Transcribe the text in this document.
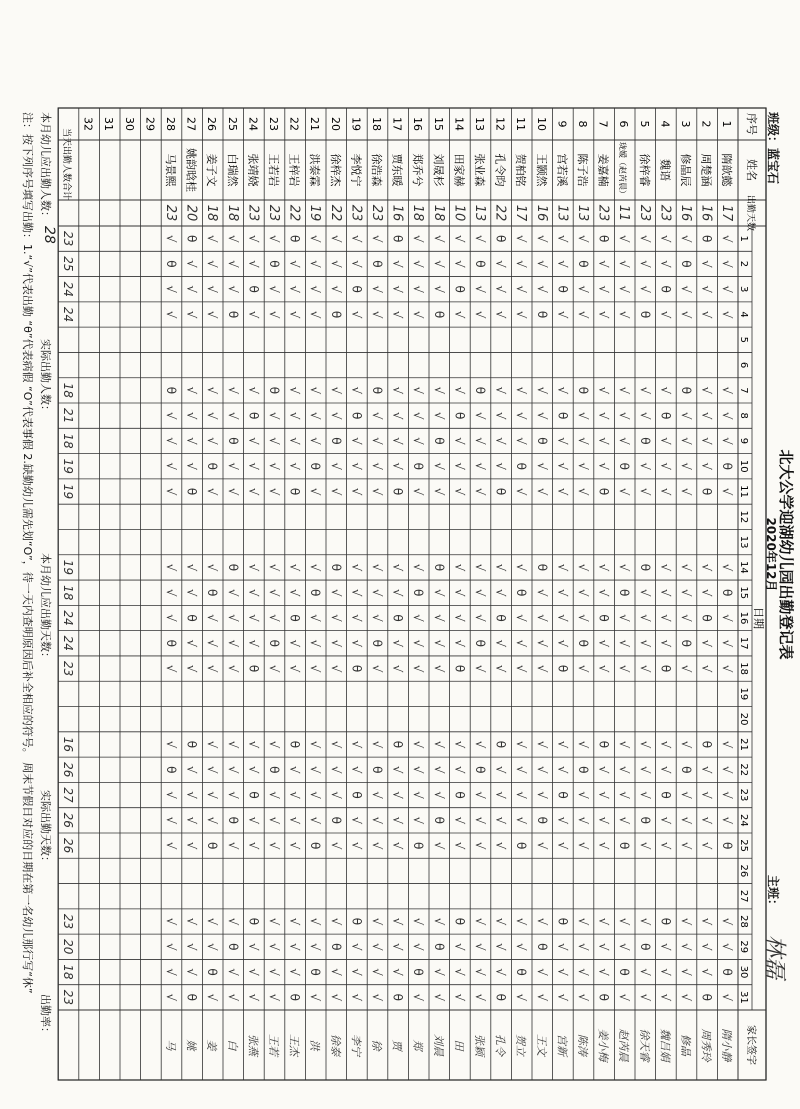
北大公学迎湖幼儿园出勤登记表
2020年12月
班级：蓝宝石
主班：
林磊
序号
姓名
出勤天数
日期
家长签字
1
2
3
4
5
6
7
8
9
10
11
12
13
14
15
16
17
18
19
20
21
22
23
24
25
26
27
28
29
30
31
1
隋歆懿
17
√
√
√
√
√
√
√
θ
√
√
θ
√
√
√
√
√
√
√
θ
√
√
θ
√
隋小静
2
周楚涵
16
θ
√
√
√
√
√
√
√
θ
√
√
θ
√
√
θ
√
√
√
√
√
√
√
θ
周秀玲
3
修晶辰
16
√
θ
√
√
θ
√
√
√
√
√
√
√
θ
√
√
θ
√
√
√
√
√
√
√
修晶
4
魏语
23
√
√
θ
√
√
θ
√
√
√
√
√
√
√
θ
√
√
θ
√
√
θ
√
√
√
魏吕娟
5
徐梓睿
23
√
√
√
θ
√
√
θ
√
√
θ
√
√
√
√
√
√
√
θ
√
√
θ
√
√
徐天睿
6
珑嫒（赵芮晨）
11
√
√
√
√
√
√
√
θ
√
√
θ
√
√
√
√
√
√
√
θ
√
√
θ
√
赵芮晨
7
姜嘉楠
23
θ
√
√
√
√
√
√
√
θ
√
√
θ
√
√
θ
√
√
√
√
√
√
√
θ
姜小梅
8
陈子浩
13
√
θ
√
√
θ
√
√
√
√
√
√
√
θ
√
√
θ
√
√
√
√
√
√
√
陈涛
9
宫若溪
13
√
√
θ
√
√
θ
√
√
√
√
√
√
√
θ
√
√
θ
√
√
θ
√
√
√
宫新
10
王颢然
16
√
√
√
θ
√
√
θ
√
√
θ
√
√
√
√
√
√
√
θ
√
√
θ
√
√
王文
11
贺柏铭
17
√
√
√
√
√
√
√
θ
√
√
θ
√
√
√
√
√
√
√
θ
√
√
θ
√
贺立
12
孔令昀
22
θ
√
√
√
√
√
√
√
θ
√
√
θ
√
√
θ
√
√
√
√
√
√
√
θ
孔令
13
张业森
13
√
θ
√
√
θ
√
√
√
√
√
√
√
θ
√
√
θ
√
√
√
√
√
√
√
张颖
14
田家赫
10
√
√
θ
√
√
θ
√
√
√
√
√
√
√
θ
√
√
θ
√
√
θ
√
√
√
田
15
刘晟杉
18
√
√
√
θ
√
√
θ
√
√
θ
√
√
√
√
√
√
√
θ
√
√
θ
√
√
刘晨
16
郑乔兮
18
√
√
√
√
√
√
√
θ
√
√
θ
√
√
√
√
√
√
√
θ
√
√
θ
√
郑
17
贾东暖
16
θ
√
√
√
√
√
√
√
θ
√
√
θ
√
√
θ
√
√
√
√
√
√
√
θ
贾
18
徐浩森
23
√
θ
√
√
θ
√
√
√
√
√
√
√
θ
√
√
θ
√
√
√
√
√
√
√
徐
19
李悦宁
23
√
√
θ
√
√
θ
√
√
√
√
√
√
√
θ
√
√
θ
√
√
θ
√
√
√
李宁
20
徐梓杰
22
√
√
√
θ
√
√
θ
√
√
θ
√
√
√
√
√
√
√
θ
√
√
θ
√
√
徐泰
21
洪泰霖
19
√
√
√
√
√
√
√
θ
√
√
θ
√
√
√
√
√
√
√
θ
√
√
θ
√
洪
22
王梓岩
22
θ
√
√
√
√
√
√
√
θ
√
√
θ
√
√
θ
√
√
√
√
√
√
√
θ
王杰
23
王若岩
23
√
θ
√
√
θ
√
√
√
√
√
√
√
θ
√
√
θ
√
√
√
√
√
√
√
王若
24
张靖娆
23
√
√
θ
√
√
θ
√
√
√
√
√
√
√
θ
√
√
θ
√
√
θ
√
√
√
张燕
25
白瑞然
18
√
√
√
θ
√
√
θ
√
√
θ
√
√
√
√
√
√
√
θ
√
√
θ
√
√
白
26
姜子文
18
√
√
√
√
√
√
√
θ
√
√
θ
√
√
√
√
√
√
√
θ
√
√
θ
√
姜
27
姚韵晗桂
20
θ
√
√
√
√
√
√
√
θ
√
√
θ
√
√
θ
√
√
√
√
√
√
√
θ
姚
28
马景熙
23
√
θ
√
√
θ
√
√
√
√
√
√
√
θ
√
√
θ
√
√
√
√
√
√
√
马
29
30
31
32
当天出勤人数合计
23
25
24
24
18
21
18
19
19
19
18
24
24
23
16
26
27
26
26
23
20
18
23
本月幼儿应出勤人数：  实际出勤人数：  本月幼儿应出勤天数：  实际出勤天数：  出勤率：
28
注：按下列序号填写出勤：1.“√”代表出勤 “θ”代表病假 “O”代表事假 2.缺勤幼儿需先划“O”，待一天内查明原因后补全相应的符号。 周末节假日对应的日期在第一名幼儿那行写“休”
